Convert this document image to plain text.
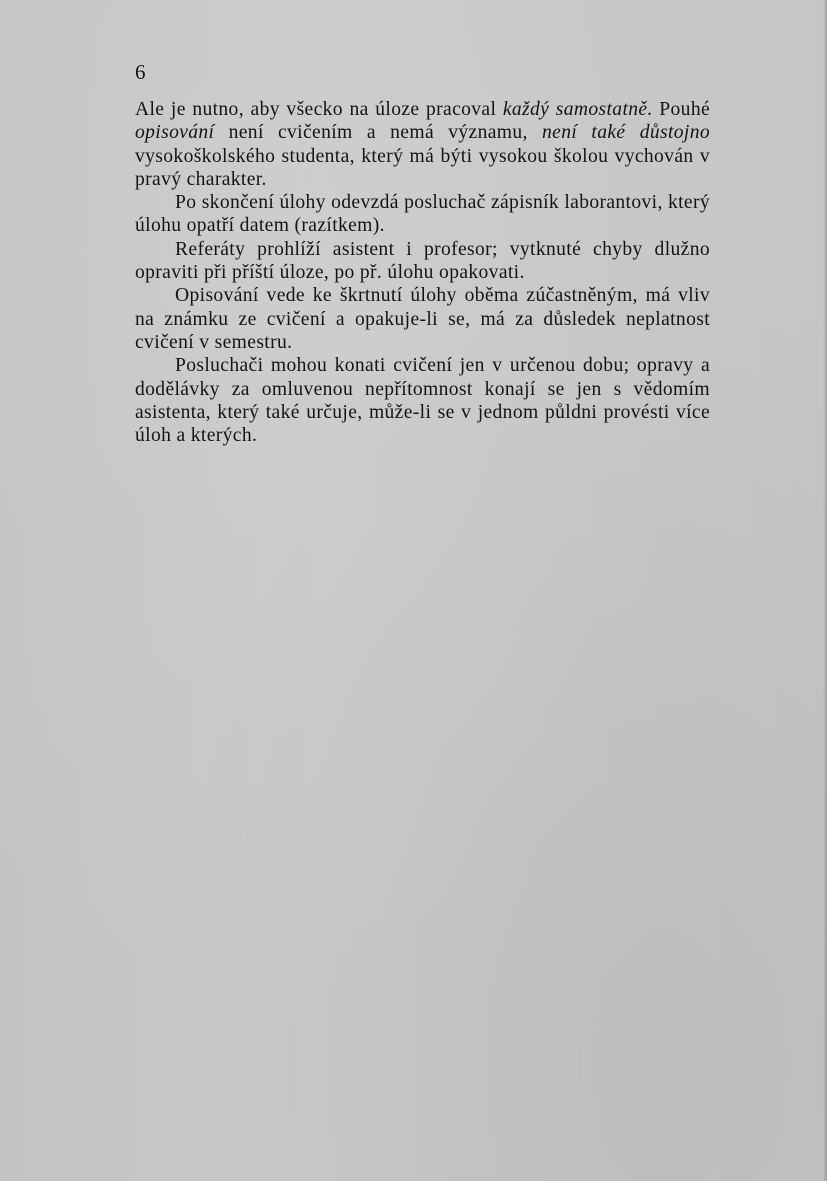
6

Ale je nutno, aby všecko na úloze pracoval každý samostatně. Pouhé opisování není cvičením a nemá významu, není také důstojno vysokoškolského studenta, který má býti vysokou školou vychován v pravý charakter.

Po skončení úlohy odevzdá posluchač zápisník laborantovi, který úlohu opatří datem (razítkem).

Referáty prohlíží asistent i profesor; vytknuté chyby dlužno opraviti při příští úloze, po př. úlohu opakovati.

Opisování vede ke škrtnutí úlohy oběma zúčastněným, má vliv na známku ze cvičení a opakuje-li se, má za důsledek neplatnost cvičení v semestru.

Posluchači mohou konati cvičení jen v určenou dobu; opravy a dodělávky za omluvenou nepřítomnost konají se jen s vědomím asistenta, který také určuje, může-li se v jednom půldni provésti více úloh a kterých.
